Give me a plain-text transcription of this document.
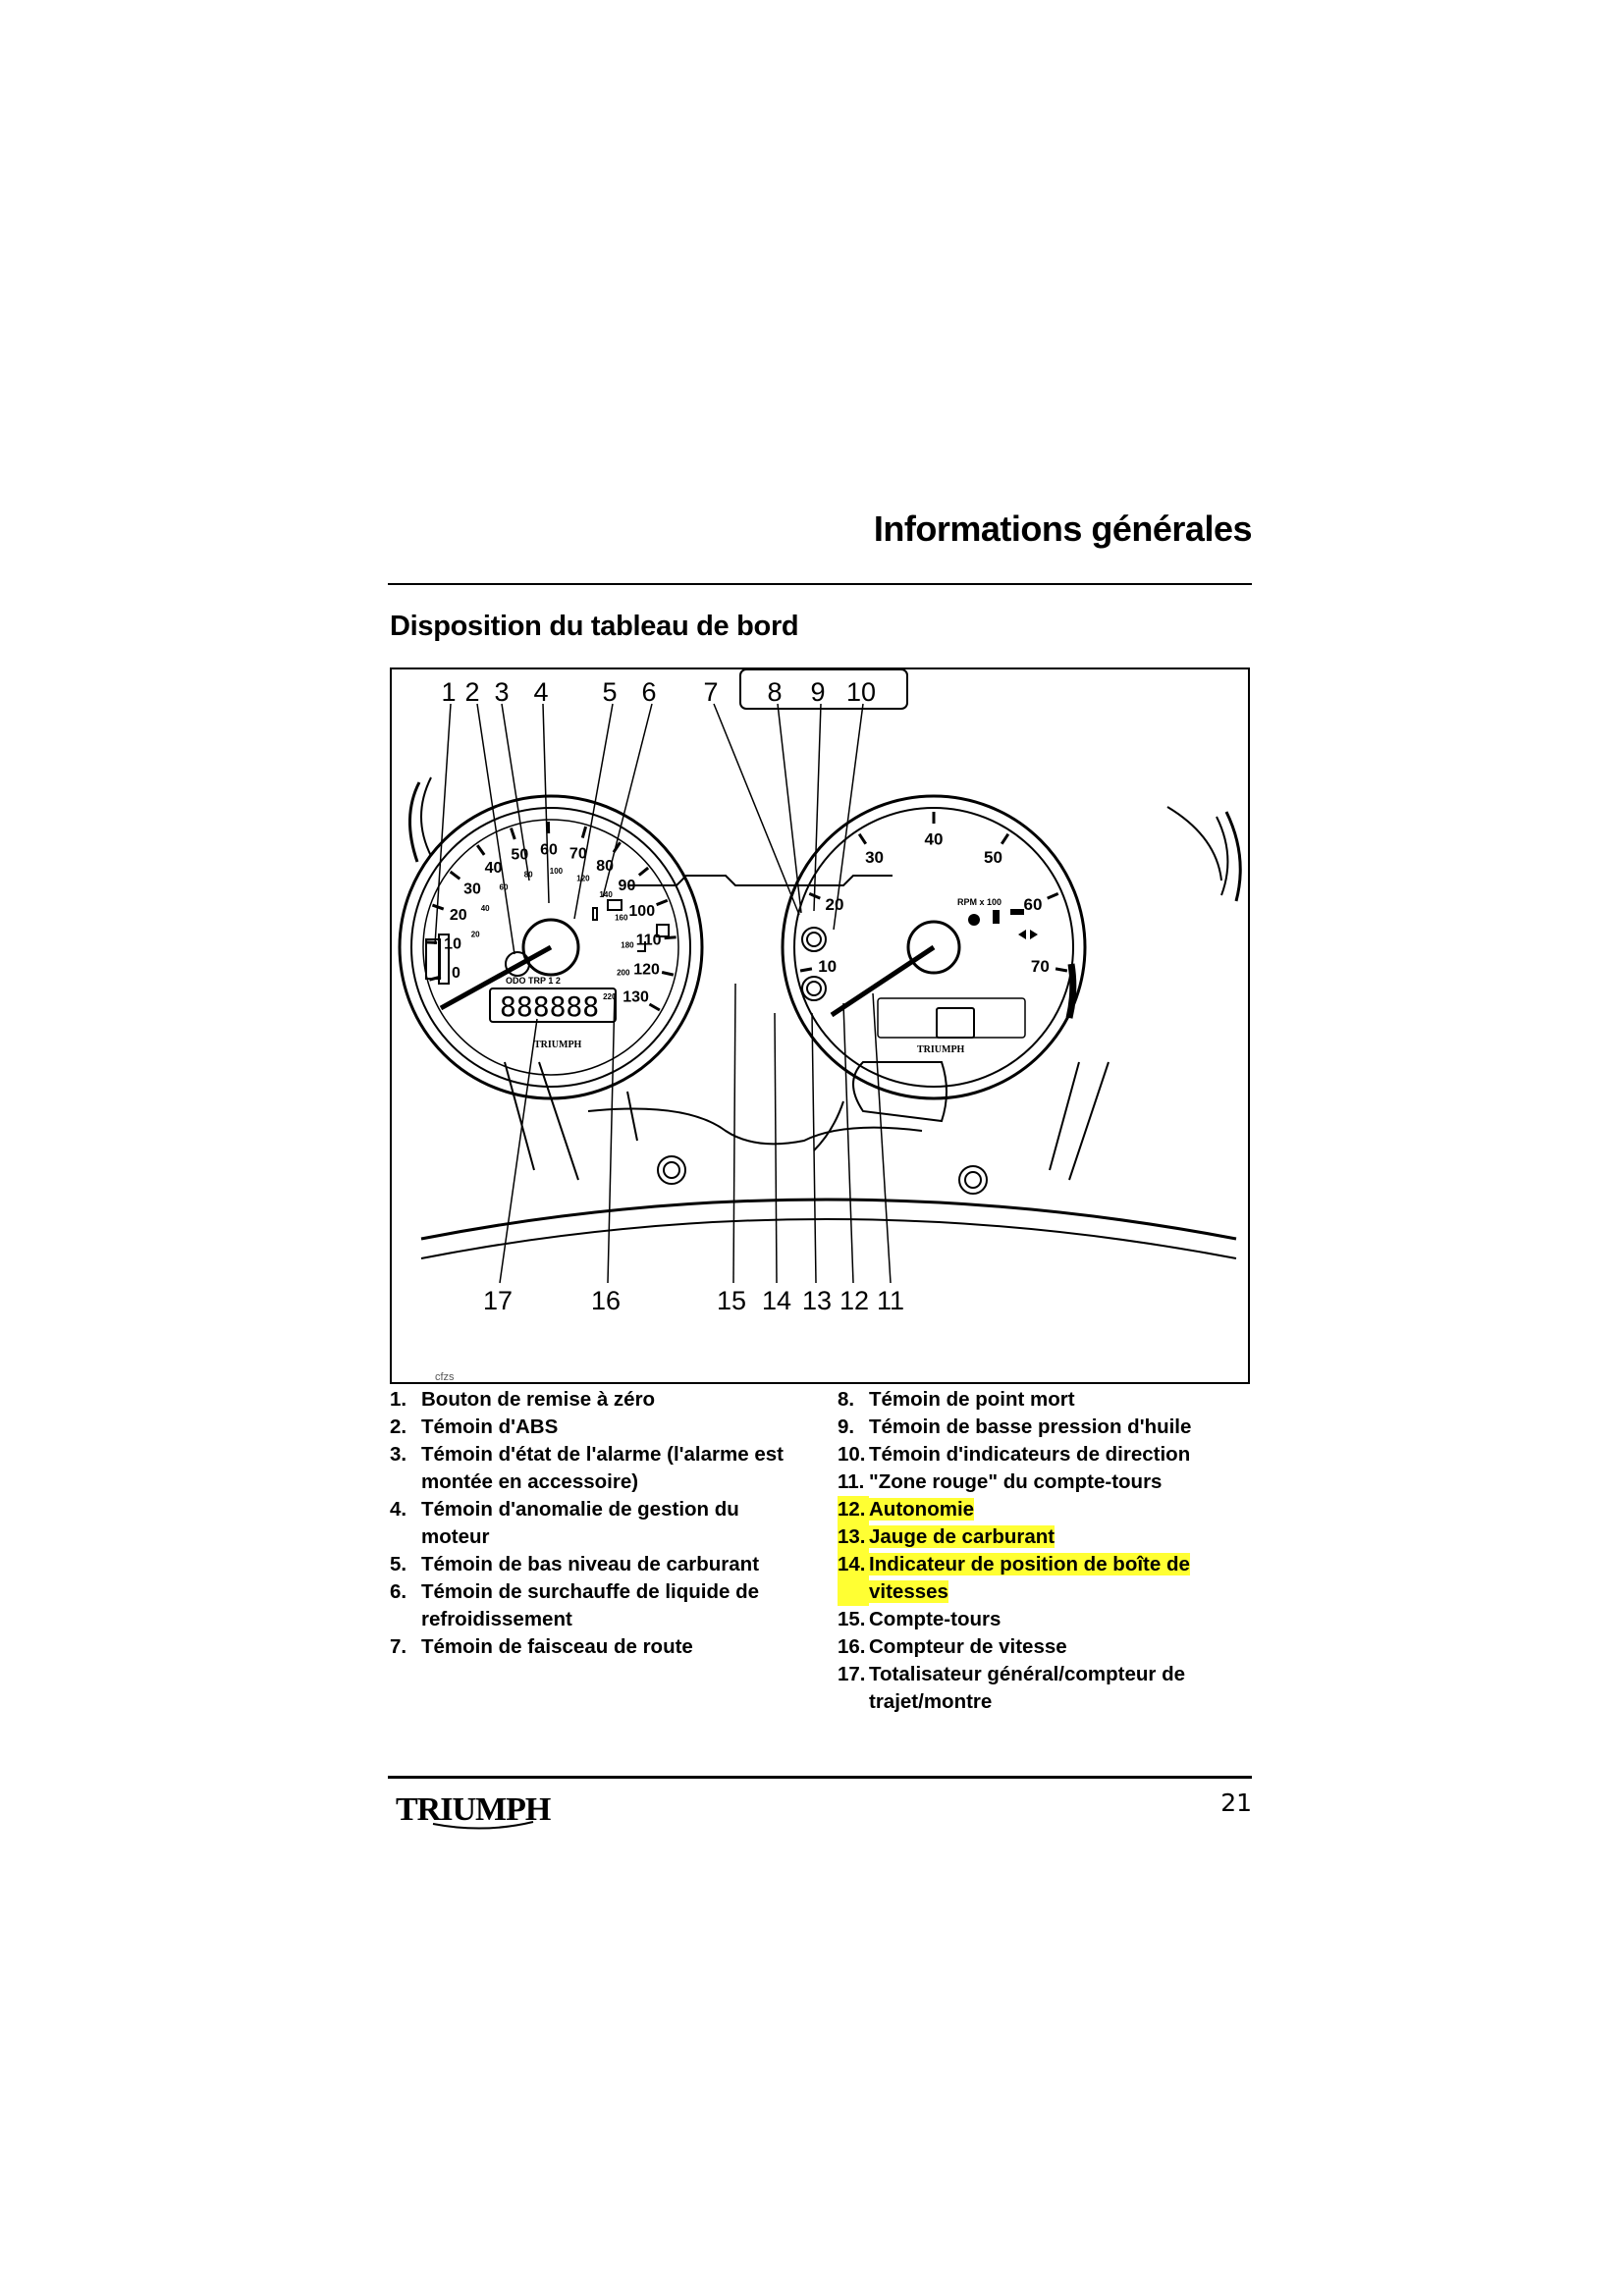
Informations générales
Disposition du tableau de bord
0
10
20
30
40
50 60 70
80
90
100
110
120
130
20
40
60
80 100
120
140
160
180
200
220
ODO TRP 1 2
888888
TRIUMPH
10
20
30
40
50
60
70
RPM x 100
TRIUMPH
1 2 3 4 5 6 7 8 9 10
17	16	15 14 13 12 11
cfzs
1. Bouton de remise à zéro
2. Témoin d'ABS
3. Témoin d'état de l'alarme (l'alarme est montée en accessoire)
4. Témoin d'anomalie de gestion du moteur
5. Témoin de bas niveau de carburant
6. Témoin de surchauffe de liquide de refroidissement
7. Témoin de faisceau de route
8. Témoin de point mort
9. Témoin de basse pression d'huile
10. Témoin d'indicateurs de direction
11. "Zone rouge" du compte-tours
12. Autonomie
13. Jauge de carburant
14. Indicateur de position de boîte de vitesses
15. Compte-tours
16. Compteur de vitesse
17. Totalisateur général/compteur de trajet/montre
TRIUMPH	21
